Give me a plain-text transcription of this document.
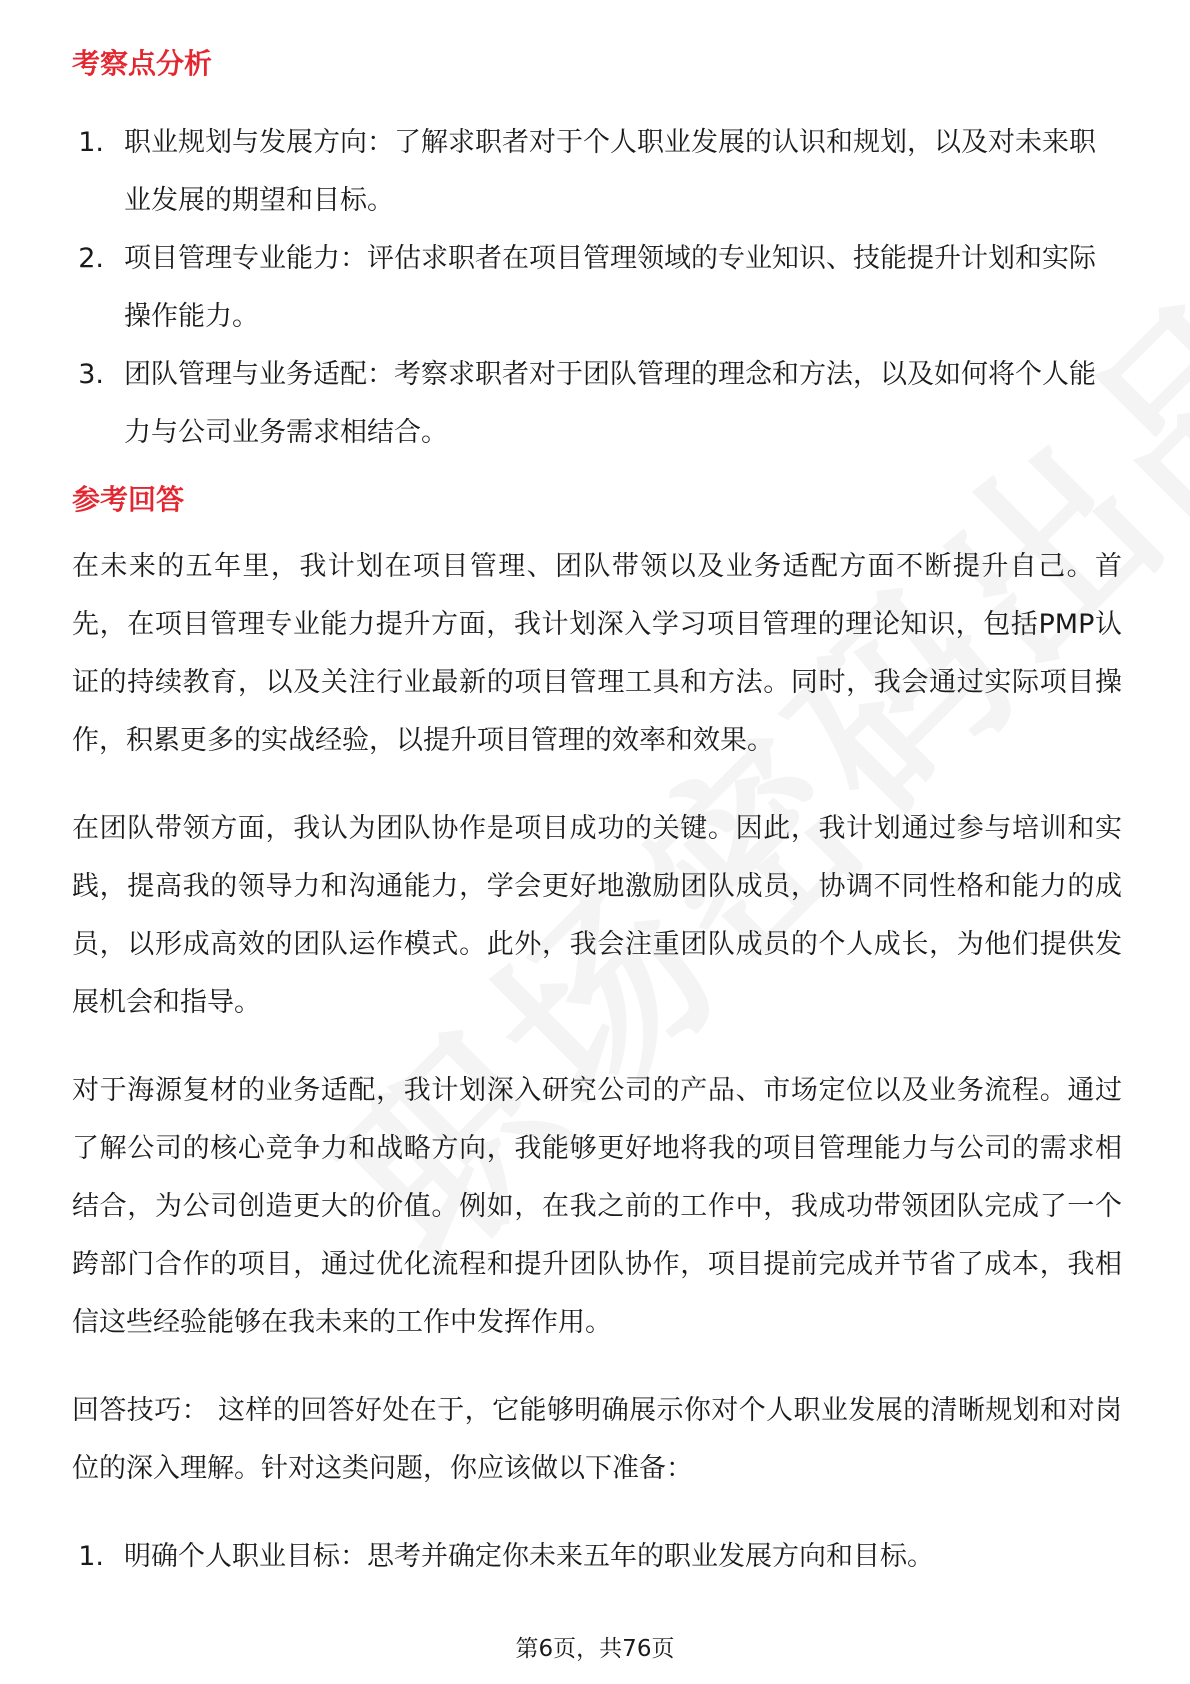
考察点分析
1. 职业规划与发展方向：了解求职者对于个人职业发展的认识和规划，以及对未来职业发展的期望和目标。
2. 项目管理专业能力：评估求职者在项目管理领域的专业知识、技能提升计划和实际操作能力。
3. 团队管理与业务适配：考察求职者对于团队管理的理念和方法，以及如何将个人能力与公司业务需求相结合。
参考回答

在未来的五年里，我计划在项目管理、团队带领以及业务适配方面不断提升自己。首先，在项目管理专业能力提升方面，我计划深入学习项目管理的理论知识，包括PMP认证的持续教育，以及关注行业最新的项目管理工具和方法。同时，我会通过实际项目操作，积累更多的实战经验，以提升项目管理的效率和效果。

在团队带领方面，我认为团队协作是项目成功的关键。因此，我计划通过参与培训和实践，提高我的领导力和沟通能力，学会更好地激励团队成员，协调不同性格和能力的成员，以形成高效的团队运作模式。此外，我会注重团队成员的个人成长，为他们提供发展机会和指导。

对于海源复材的业务适配，我计划深入研究公司的产品、市场定位以及业务流程。通过了解公司的核心竞争力和战略方向，我能够更好地将我的项目管理能力与公司的需求相结合，为公司创造更大的价值。例如，在我之前的工作中，我成功带领团队完成了一个跨部门合作的项目，通过优化流程和提升团队协作，项目提前完成并节省了成本，我相信这些经验能够在我未来的工作中发挥作用。

回答技巧： 这样的回答好处在于，它能够明确展示你对个人职业发展的清晰规划和对岗位的深入理解。针对这类问题，你应该做以下准备：

1. 明确个人职业目标：思考并确定你未来五年的职业发展方向和目标。
第6页，共76页
